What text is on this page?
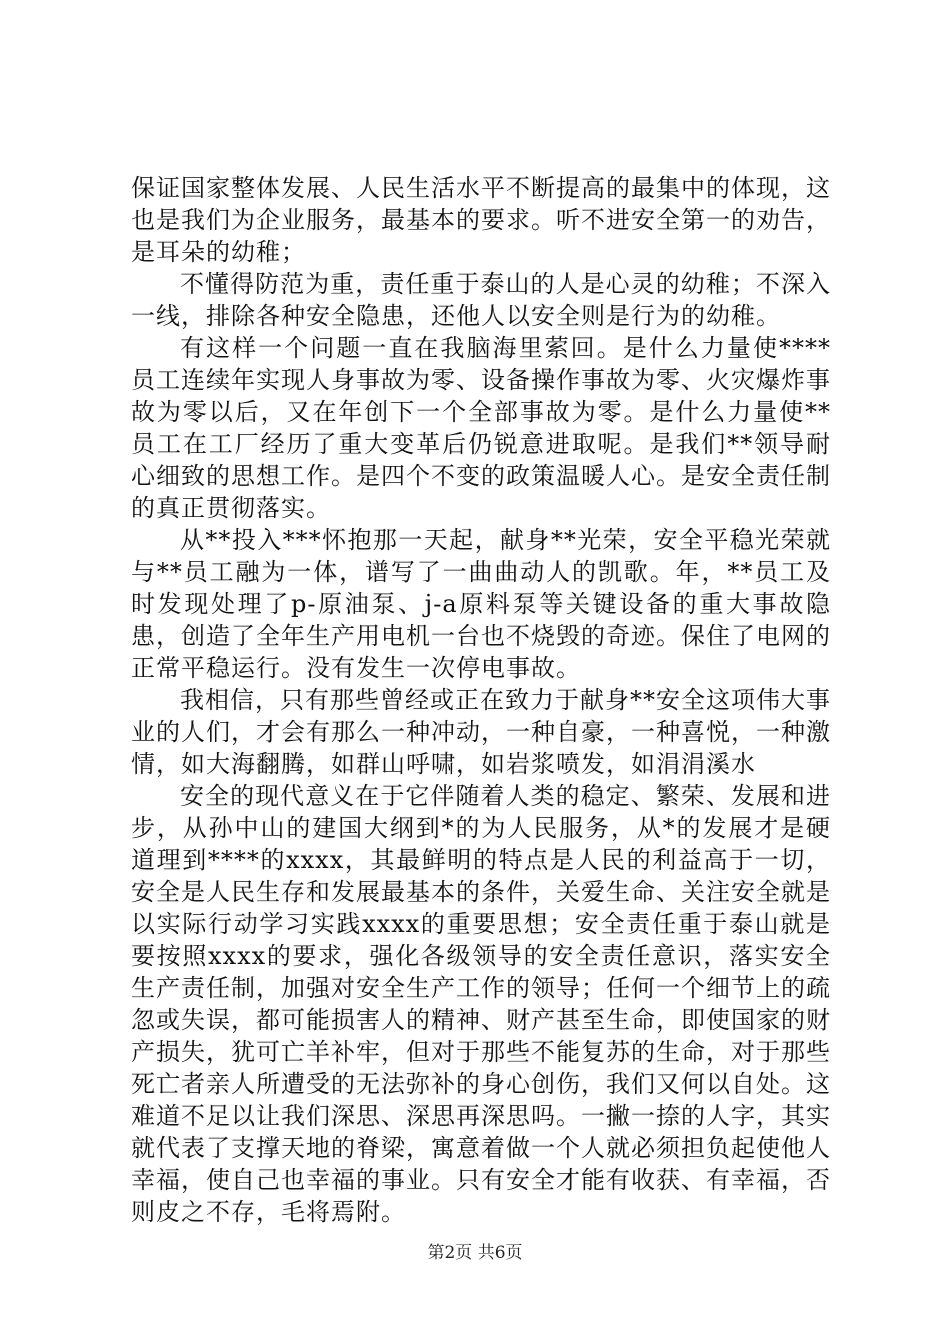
保证国家整体发展、人民生活水平不断提高的最集中的体现，这也是我们为企业服务，最基本的要求。听不进安全第一的劝告，是耳朵的幼稚；

不懂得防范为重，责任重于泰山的人是心灵的幼稚；不深入一线，排除各种安全隐患，还他人以安全则是行为的幼稚。

有这样一个问题一直在我脑海里萦回。是什么力量使****员工连续年实现人身事故为零、设备操作事故为零、火灾爆炸事故为零以后，又在年创下一个全部事故为零。是什么力量使**员工在工厂经历了重大变革后仍锐意进取呢。是我们**领导耐心细致的思想工作。是四个不变的政策温暖人心。是安全责任制的真正贯彻落实。

从**投入***怀抱那一天起，献身**光荣，安全平稳光荣就与**员工融为一体，谱写了一曲曲动人的凯歌。年，**员工及时发现处理了p-原油泵、j-a原料泵等关键设备的重大事故隐患，创造了全年生产用电机一台也不烧毁的奇迹。保住了电网的正常平稳运行。没有发生一次停电事故。

我相信，只有那些曾经或正在致力于献身**安全这项伟大事业的人们，才会有那么一种冲动，一种自豪，一种喜悦，一种激情，如大海翻腾，如群山呼啸，如岩浆喷发，如涓涓溪水

安全的现代意义在于它伴随着人类的稳定、繁荣、发展和进步，从孙中山的建国大纲到*的为人民服务，从*的发展才是硬道理到****的xxxx，其最鲜明的特点是人民的利益高于一切，安全是人民生存和发展最基本的条件，关爱生命、关注安全就是以实际行动学习实践xxxx的重要思想；安全责任重于泰山就是要按照xxxx的要求，强化各级领导的安全责任意识，落实安全生产责任制，加强对安全生产工作的领导；任何一个细节上的疏忽或失误，都可能损害人的精神、财产甚至生命，即使国家的财产损失，犹可亡羊补牢，但对于那些不能复苏的生命，对于那些死亡者亲人所遭受的无法弥补的身心创伤，我们又何以自处。这难道不足以让我们深思、深思再深思吗。一撇一捺的人字，其实就代表了支撑天地的脊梁，寓意着做一个人就必须担负起使他人幸福，使自己也幸福的事业。只有安全才能有收获、有幸福，否则皮之不存，毛将焉附。

第2页 共6页
